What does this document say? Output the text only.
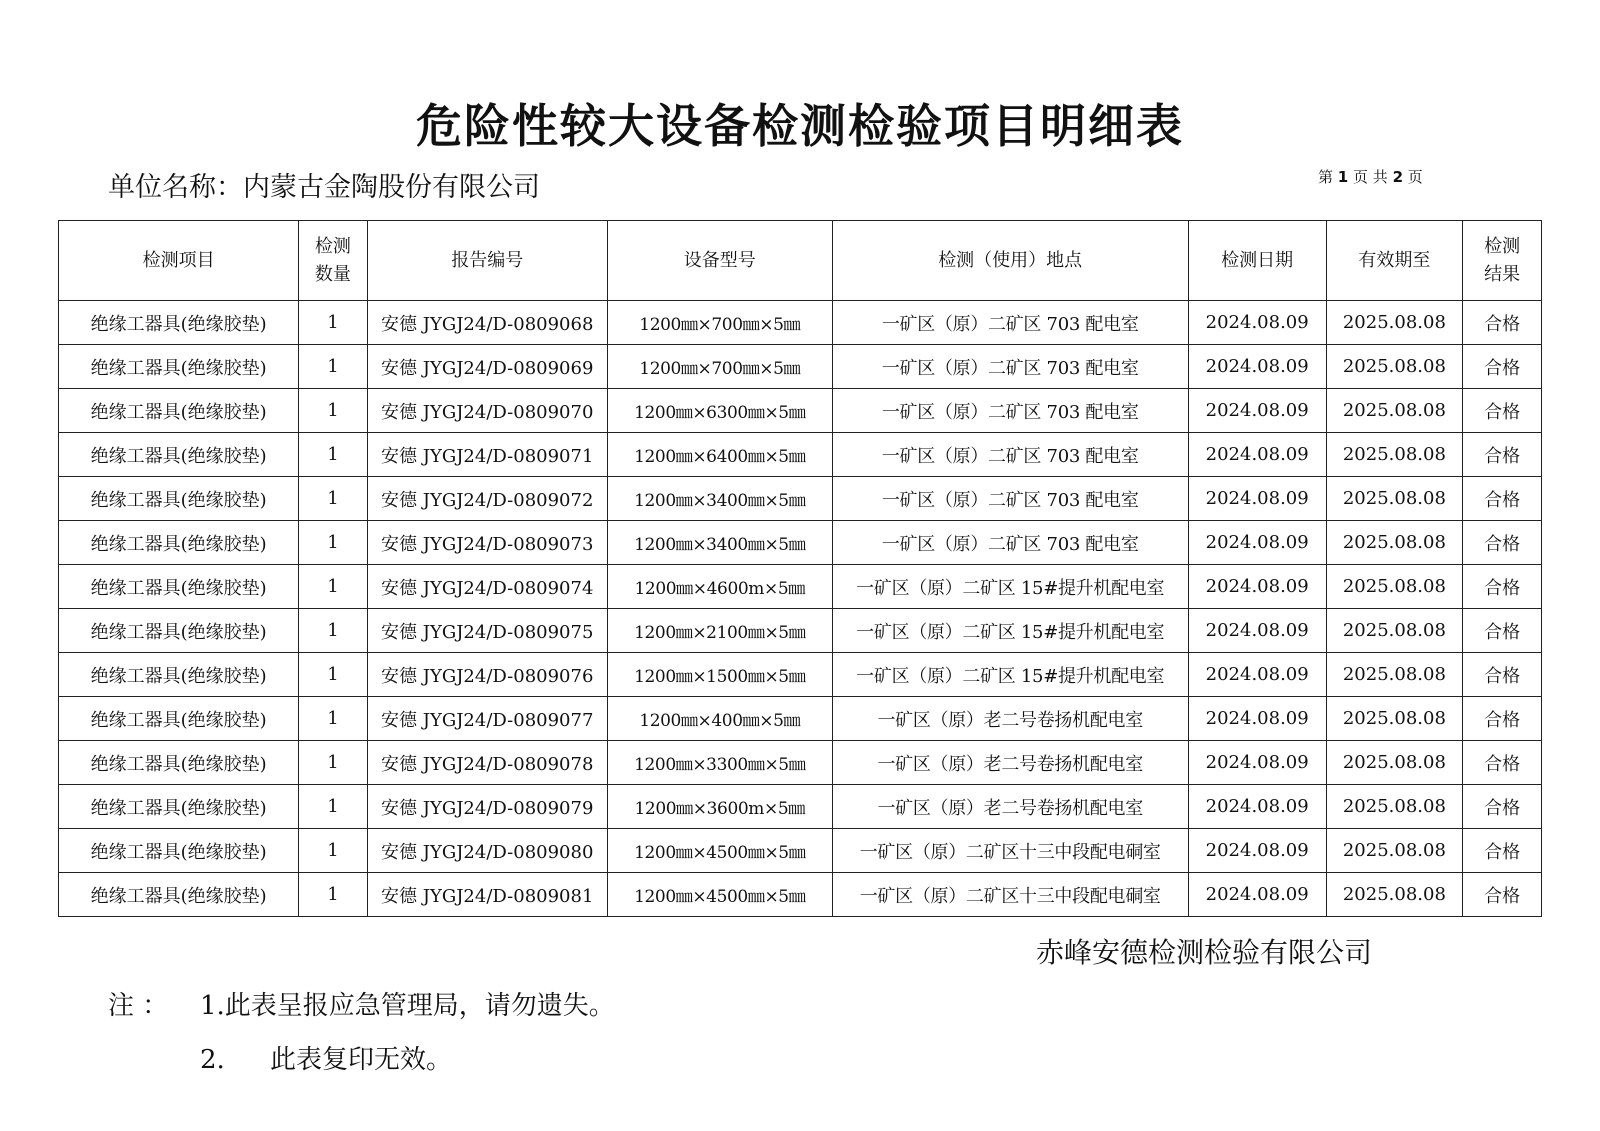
危险性较大设备检测检验项目明细表
单位名称：内蒙古金陶股份有限公司	第 1 页 共 2 页
检测项目	检测数量	报告编号	设备型号	检测（使用）地点	检测日期	有效期至	检测结果

绝缘工器具(绝缘胶垫)	1	安德 JYGJ24/D-0809068	1200㎜×700㎜×5㎜	一矿区（原）二矿区 703 配电室	2024.08.09	2025.08.08	合格
绝缘工器具(绝缘胶垫)	1	安德 JYGJ24/D-0809069	1200㎜×700㎜×5㎜	一矿区（原）二矿区 703 配电室	2024.08.09	2025.08.08	合格
绝缘工器具(绝缘胶垫)	1	安德 JYGJ24/D-0809070	1200㎜×6300㎜×5㎜	一矿区（原）二矿区 703 配电室	2024.08.09	2025.08.08	合格
绝缘工器具(绝缘胶垫)	1	安德 JYGJ24/D-0809071	1200㎜×6400㎜×5㎜	一矿区（原）二矿区 703 配电室	2024.08.09	2025.08.08	合格
绝缘工器具(绝缘胶垫)	1	安德 JYGJ24/D-0809072	1200㎜×3400㎜×5㎜	一矿区（原）二矿区 703 配电室	2024.08.09	2025.08.08	合格
绝缘工器具(绝缘胶垫)	1	安德 JYGJ24/D-0809073	1200㎜×3400㎜×5㎜	一矿区（原）二矿区 703 配电室	2024.08.09	2025.08.08	合格
绝缘工器具(绝缘胶垫)	1	安德 JYGJ24/D-0809074	1200㎜×4600m×5㎜	一矿区（原）二矿区 15#提升机配电室	2024.08.09	2025.08.08	合格
绝缘工器具(绝缘胶垫)	1	安德 JYGJ24/D-0809075	1200㎜×2100㎜×5㎜	一矿区（原）二矿区 15#提升机配电室	2024.08.09	2025.08.08	合格
绝缘工器具(绝缘胶垫)	1	安德 JYGJ24/D-0809076	1200㎜×1500㎜×5㎜	一矿区（原）二矿区 15#提升机配电室	2024.08.09	2025.08.08	合格
绝缘工器具(绝缘胶垫)	1	安德 JYGJ24/D-0809077	1200㎜×400㎜×5㎜	一矿区（原）老二号卷扬机配电室	2024.08.09	2025.08.08	合格
绝缘工器具(绝缘胶垫)	1	安德 JYGJ24/D-0809078	1200㎜×3300㎜×5㎜	一矿区（原）老二号卷扬机配电室	2024.08.09	2025.08.08	合格
绝缘工器具(绝缘胶垫)	1	安德 JYGJ24/D-0809079	1200㎜×3600m×5㎜	一矿区（原）老二号卷扬机配电室	2024.08.09	2025.08.08	合格
绝缘工器具(绝缘胶垫)	1	安德 JYGJ24/D-0809080	1200㎜×4500㎜×5㎜	一矿区（原）二矿区十三中段配电硐室	2024.08.09	2025.08.08	合格
绝缘工器具(绝缘胶垫)	1	安德 JYGJ24/D-0809081	1200㎜×4500㎜×5㎜	一矿区（原）二矿区十三中段配电硐室	2024.08.09	2025.08.08	合格
赤峰安德检测检验有限公司
注 ： 1.此表呈报应急管理局，请勿遗失。
2. 此表复印无效。
